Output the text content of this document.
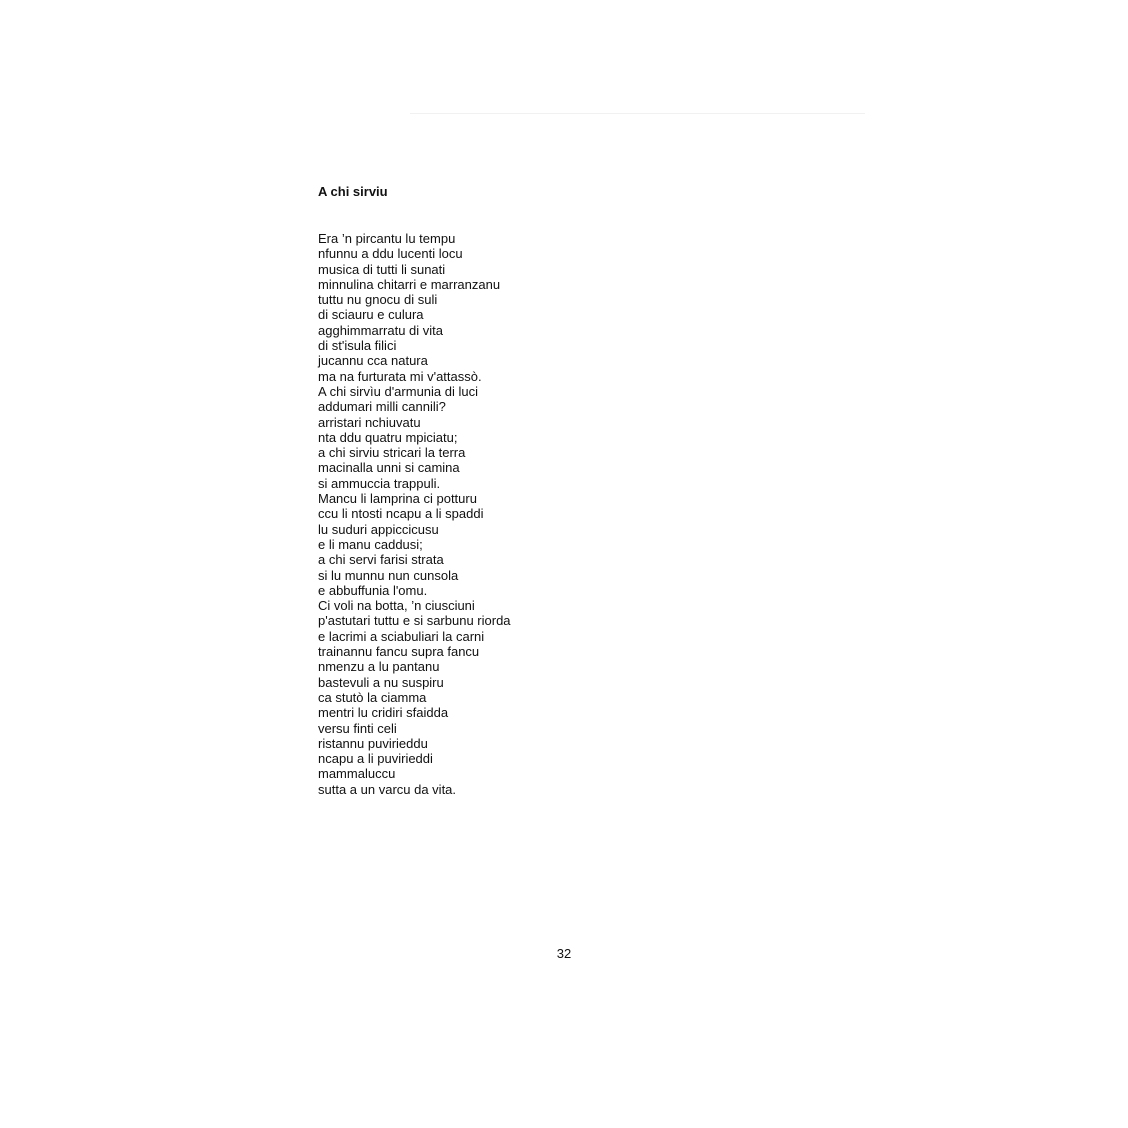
A chi sirviu
Era ’n pircantu lu tempu
nfunnu a ddu lucenti locu
musica di tutti li sunati
minnulina chitarri e marranzanu
tuttu nu gnocu di suli
di sciauru e culura
agghimmarratu di vita
di st'isula filici
jucannu cca natura
ma na furturata mi v'attassò.
A chi sirvìu d'armunia di luci
addumari milli cannili?
arristari nchiuvatu
nta ddu quatru mpiciatu;
a chi sirviu stricari la terra
macinalla unni si camina
si ammuccia trappuli.
Mancu li lamprina ci potturu
ccu li ntosti ncapu a li spaddi
lu suduri appiccicusu
e li manu caddusi;
a chi servi farisi strata
si lu munnu nun cunsola
e abbuffunia l'omu.
Ci voli na botta, ’n ciusciuni
p'astutari tuttu e si sarbunu riorda
e lacrimi a sciabuliari la carni
trainannu fancu supra fancu
nmenzu a lu pantanu
bastevuli a nu suspiru
ca stutò la ciamma
mentri lu cridiri sfaidda
versu finti celi
ristannu puvirieddu
ncapu a li puvirieddi
mammaluccu
sutta a un varcu da vita.
32
